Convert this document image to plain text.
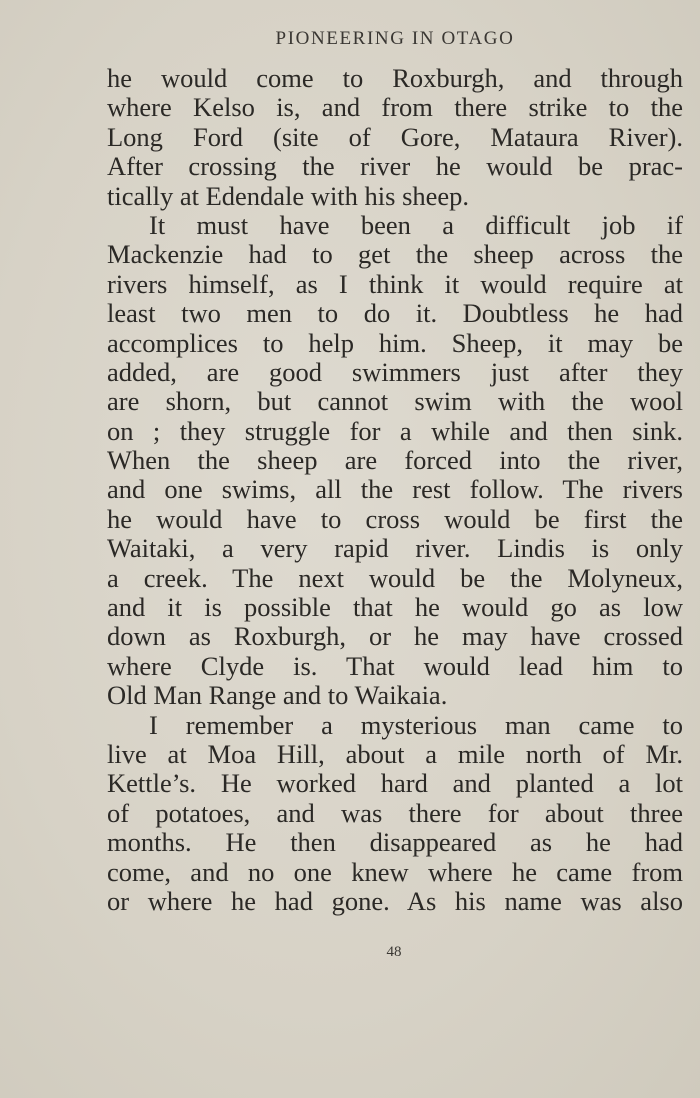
PIONEERING IN OTAGO
he would come to Roxburgh, and through
where Kelso is, and from there strike to the
Long Ford (site of Gore, Mataura River).
After crossing the river he would be prac-
tically at Edendale with his sheep.
It must have been a difficult job if
Mackenzie had to get the sheep across the
rivers himself, as I think it would require at
least two men to do it. Doubtless he had
accomplices to help him. Sheep, it may be
added, are good swimmers just after they
are shorn, but cannot swim with the wool
on ; they struggle for a while and then sink.
When the sheep are forced into the river,
and one swims, all the rest follow. The rivers
he would have to cross would be first the
Waitaki, a very rapid river. Lindis is only
a creek. The next would be the Molyneux,
and it is possible that he would go as low
down as Roxburgh, or he may have crossed
where Clyde is. That would lead him to
Old Man Range and to Waikaia.
I remember a mysterious man came to
live at Moa Hill, about a mile north of Mr.
Kettle’s. He worked hard and planted a lot
of potatoes, and was there for about three
months. He then disappeared as he had
come, and no one knew where he came from
or where he had gone. As his name was also
48
